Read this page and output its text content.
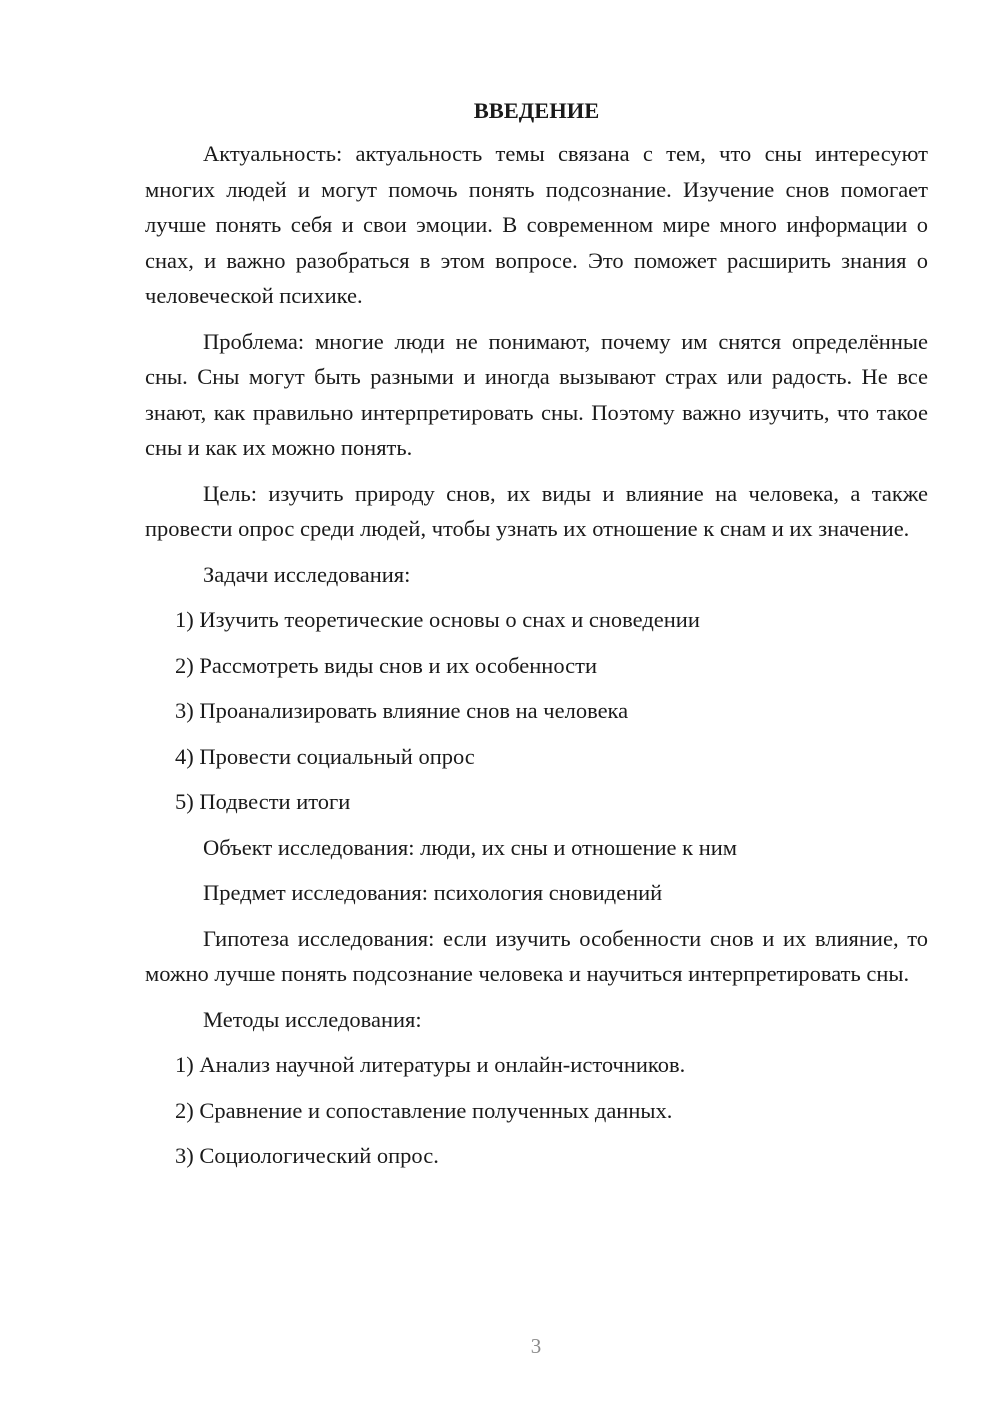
ВВЕДЕНИЕ

Актуальность: актуальность темы связана с тем, что сны интересуют многих людей и могут помочь понять подсознание. Изучение снов помогает лучше понять себя и свои эмоции. В современном мире много информации о снах, и важно разобраться в этом вопросе. Это поможет расширить знания о человеческой психике.

Проблема: многие люди не понимают, почему им снятся определённые сны. Сны могут быть разными и иногда вызывают страх или радость. Не все знают, как правильно интерпретировать сны. Поэтому важно изучить, что такое сны и как их можно понять.

Цель: изучить природу снов, их виды и влияние на человека, а также провести опрос среди людей, чтобы узнать их отношение к снам и их значение.

Задачи исследования:

1) Изучить теоретические основы о снах и сноведении

2) Рассмотреть виды снов и их особенности

3) Проанализировать влияние снов на человека

4) Провести социальный опрос

5) Подвести итоги

Объект исследования: люди, их сны и отношение к ним

Предмет исследования: психология сновидений

Гипотеза исследования: если изучить особенности снов и их влияние, то можно лучше понять подсознание человека и научиться интерпретировать сны.

Методы исследования:

1) Анализ научной литературы и онлайн-источников.

2) Сравнение и сопоставление полученных данных.

3) Социологический опрос.

3
